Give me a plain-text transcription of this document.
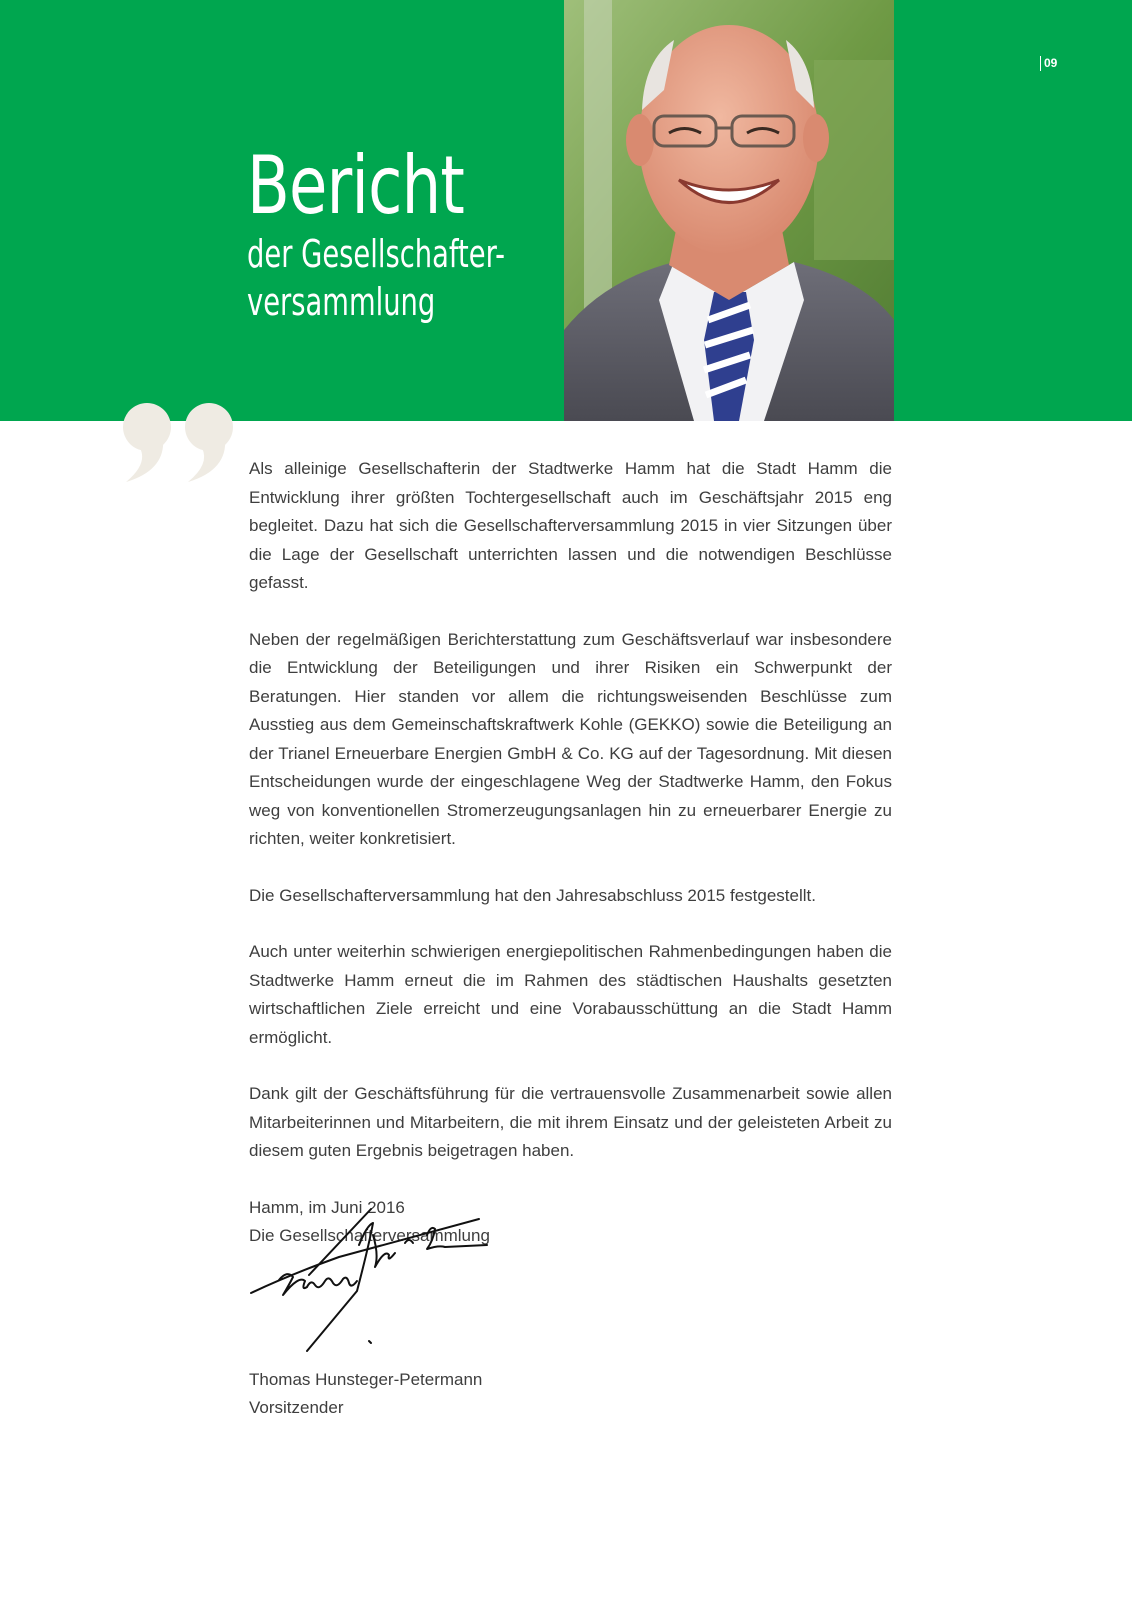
09
Bericht
der Gesellschafter-
versammlung

Als alleinige Gesellschafterin der Stadtwerke Hamm hat die Stadt Hamm die Entwicklung ihrer größten Tochtergesellschaft auch im Geschäftsjahr 2015 eng begleitet. Dazu hat sich die Gesellschafterversammlung 2015 in vier Sitzungen über die Lage der Gesellschaft unterrichten lassen und die notwendigen Beschlüsse gefasst.

Neben der regelmäßigen Berichterstattung zum Geschäftsverlauf war insbesondere die Entwicklung der Beteiligungen und ihrer Risiken ein Schwerpunkt der Beratungen. Hier standen vor allem die richtungsweisenden Beschlüsse zum Ausstieg aus dem Gemeinschaftskraftwerk Kohle (GEKKO) sowie die Beteiligung an der Trianel Erneuerbare Energien GmbH & Co. KG auf der Tagesordnung. Mit diesen Entscheidungen wurde der eingeschlagene Weg der Stadtwerke Hamm, den Fokus weg von konventionellen Stromerzeugungsanlagen hin zu erneuerbarer Energie zu richten, weiter konkretisiert.

Die Gesellschafterversammlung hat den Jahresabschluss 2015 festgestellt.

Auch unter weiterhin schwierigen energiepolitischen Rahmenbedingungen haben die Stadtwerke Hamm erneut die im Rahmen des städtischen Haushalts gesetzten wirtschaftlichen Ziele erreicht und eine Vorabausschüttung an die Stadt Hamm ermöglicht.

Dank gilt der Geschäftsführung für die vertrauensvolle Zusammenarbeit sowie allen Mitarbeiterinnen und Mitarbeitern, die mit ihrem Einsatz und der geleisteten Arbeit zu diesem guten Ergebnis beigetragen haben.

Hamm, im Juni 2016
Die Gesellschafterversammlung
Thomas Hunsteger-Petermann
Vorsitzender
